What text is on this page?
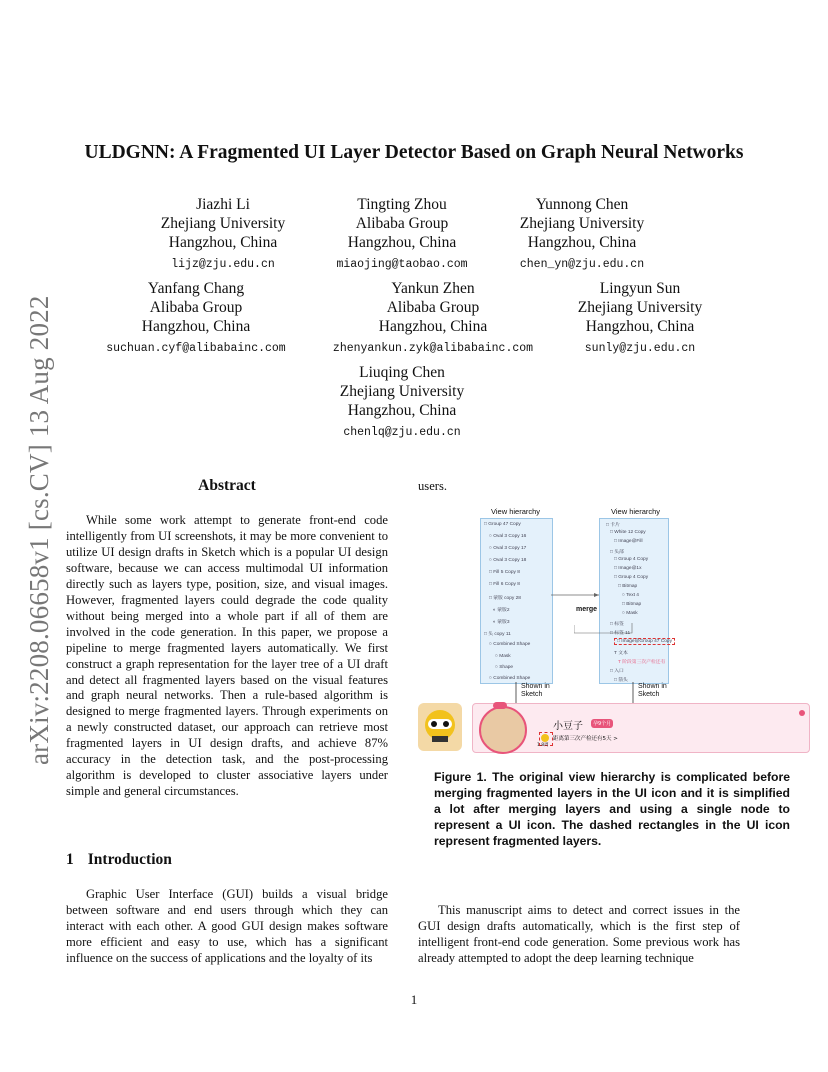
arXiv:2208.06658v1 [cs.CV] 13 Aug 2022
ULDGNN: A Fragmented UI Layer Detector Based on Graph Neural Networks
Jiazhi Li
Zhejiang University
Hangzhou, China
lijz@zju.edu.cn
Tingting Zhou
Alibaba Group
Hangzhou, China
miaojing@taobao.com
Yunnong Chen
Zhejiang University
Hangzhou, China
chen_yn@zju.edu.cn
Yanfang Chang
Alibaba Group
Hangzhou, China
suchuan.cyf@alibabainc.com
Yankun Zhen
Alibaba Group
Hangzhou, China
zhenyankun.zyk@alibabainc.com
Lingyun Sun
Zhejiang University
Hangzhou, China
sunly@zju.edu.cn
Liuqing Chen
Zhejiang University
Hangzhou, China
chenlq@zju.edu.cn
Abstract
While some work attempt to generate front-end code intelligently from UI screenshots, it may be more convenient to utilize UI design drafts in Sketch which is a popular UI design software, because we can access multimodal UI information directly such as layers type, position, size, and visual images. However, fragmented layers could degrade the code quality without being merged into a whole part if all of them are involved in the code generation. In this paper, we propose a pipeline to merge fragmented layers automatically. We first construct a graph representation for the layer tree of a UI draft and detect all fragmented layers based on the visual features and graph neural networks. Then a rule-based algorithm is designed to merge fragmented layers. Through experiments on a newly constructed dataset, our approach can retrieve most fragmented layers in UI design drafts, and achieve 87% accuracy in the detection task, and the post-processing algorithm is developed to cluster associative layers under simple and general circumstances.
1 Introduction
Graphic User Interface (GUI) builds a visual bridge between software and end users through which they can interact with each other. A good GUI design makes software more efficient and easy to use, which has a significant influence on the success of applications and the loyalty of its
users.
View hierarchy	View hierarchy
□ Group 47 Copy
○ Oval 3 Copy 16
○ Oval 3 Copy 17
○ Oval 3 Copy 18
□ Fill 5 Copy 8
□ Fill 6 Copy 8
□ 蒙版 copy 28
◐ 蒙版2
◐ 蒙版3
□ 头 copy 11
○ Combined Shape
○ Mask
○ Shape
○ Combined Shape
□ 卡片
□ White 12 Copy
□ Image@Fill
□ 头部
□ Group 4 Copy
□ Image@1x
□ Group 4 Copy
□ Bitmap
○ Text 4
□ Bitmap
○ Mask
□ 标签
□ 标签 11
□ Image@Group 47 Copy
T 文本
T 阶段第三次产检还有
□ 入口
□ 箭头
merge
Shown in Sketch
Shown in Sketch
小豆子	孕9个月
距离第三次产检还有5天 >
1.8周
Figure 1. The original view hierarchy is complicated before merging fragmented layers in the UI icon and it is simplified a lot after merging layers and using a single node to represent a UI icon. The dashed rectangles in the UI icon represent fragmented layers.
This manuscript aims to detect and correct issues in the GUI design drafts automatically, which is the first step of intelligent front-end code generation. Some previous work has already attempted to adopt the deep learning technique
1
